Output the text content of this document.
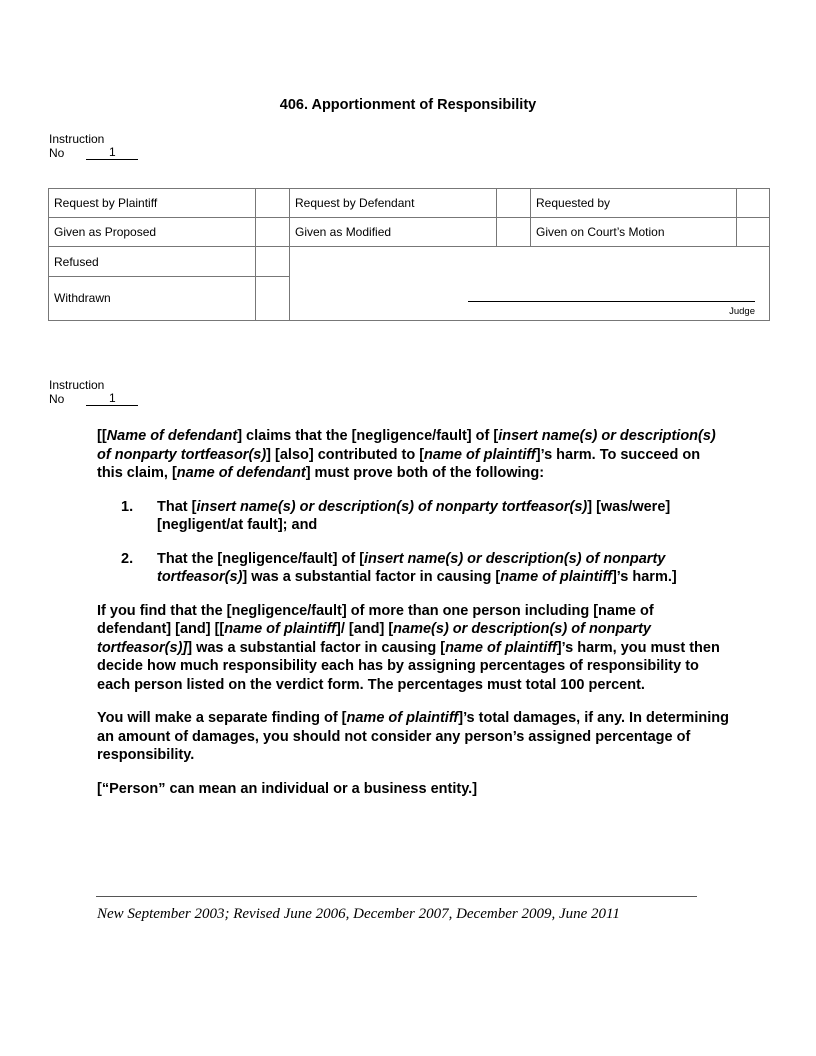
406. Apportionment of Responsibility
Instruction
No	1
Request by Plaintiff		Request by Defendant		Requested by	
Given as Proposed		Given as Modified		Given on Court’s Motion	
Refused		Judge			

Withdrawn					
Instruction
No	1

[[Name of defendant] claims that the [negligence/fault] of [insert name(s) or description(s) of nonparty tortfeasor(s)] [also] contributed to [name of plaintiff]’s harm. To succeed on this claim, [name of defendant] must prove both of the following:

1.	That [insert name(s) or description(s) of nonparty tortfeasor(s)] [was/were] [negligent/at fault]; and
2.	That the [negligence/fault] of [insert name(s) or description(s) of nonparty tortfeasor(s)] was a substantial factor in causing [name of plaintiff]’s harm.]

If you find that the [negligence/fault] of more than one person including [name of defendant] [and] [[name of plaintiff]/ [and] [name(s) or description(s) of nonparty tortfeasor(s)]] was a substantial factor in causing [name of plaintiff]’s harm, you must then decide how much responsibility each has by assigning percentages of responsibility to each person listed on the verdict form. The percentages must total 100 percent.

You will make a separate finding of [name of plaintiff]’s total damages, if any. In determining an amount of damages, you should not consider any person’s assigned percentage of responsibility.

[“Person” can mean an individual or a business entity.]

New September 2003; Revised June 2006, December 2007, December 2009, June 2011
